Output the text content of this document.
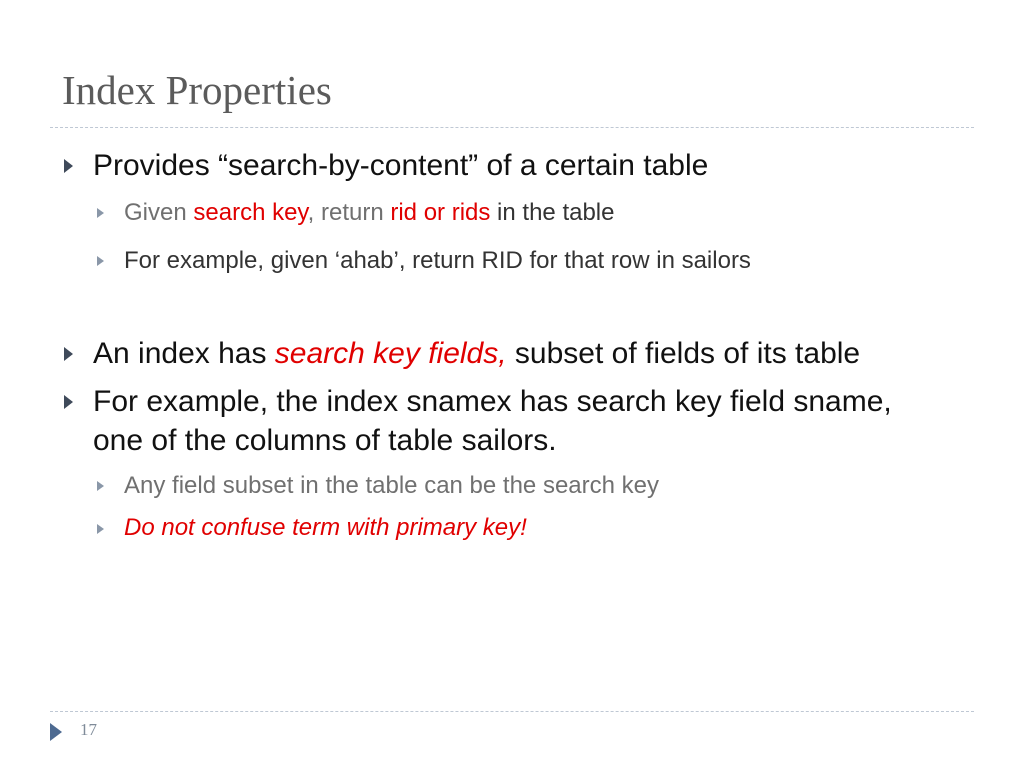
Index Properties
Provides “search-by-content” of a certain table
Given search key, return rid or rids in the table
For example, given ‘ahab’, return RID for that row in sailors
An index has search key fields, subset of fields of its table
For example, the index snamex has search key field sname,
one of the columns of table sailors.
Any field subset in the table can be the search key
Do not confuse term with primary key!
17
